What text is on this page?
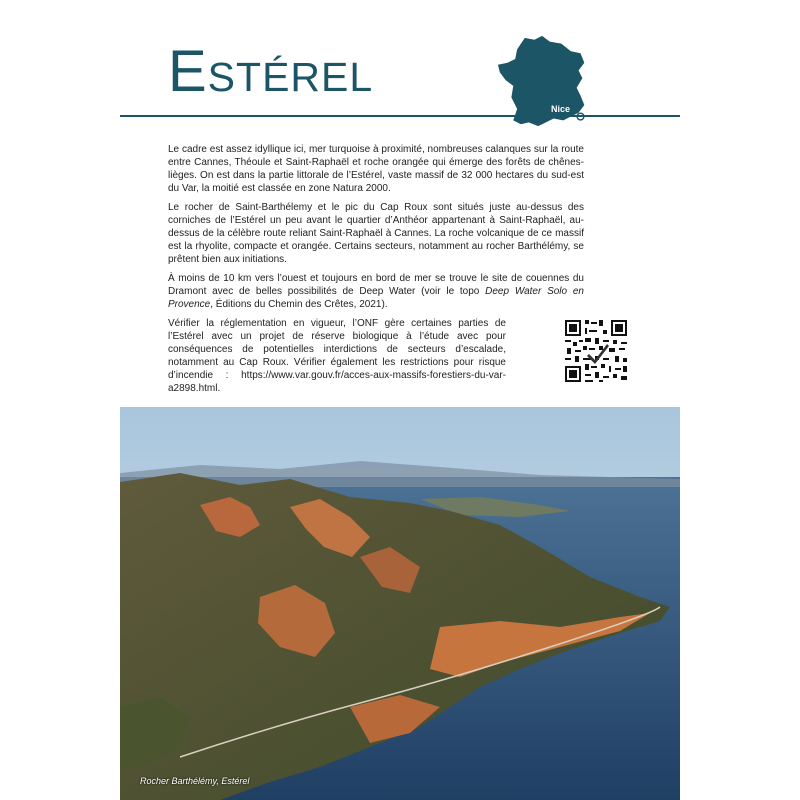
Estérel
Nice

Le cadre est assez idyllique ici, mer turquoise à proximité, nombreuses calanques sur la route entre Cannes, Théoule et Saint-Raphaël et roche orangée qui émerge des forêts de chênes-lièges. On est dans la partie littorale de l’Estérel, vaste massif de 32 000 hectares du sud-est du Var, la moitié est classée en zone Natura 2000.

Le rocher de Saint-Barthélemy et le pic du Cap Roux sont situés juste au-dessus des corniches de l’Estérel un peu avant le quartier d’Anthéor appartenant à Saint-Raphaël, au-dessus de la célèbre route reliant Saint-Raphaël à Cannes. La roche volcanique de ce massif est la rhyolite, compacte et orangée. Certains secteurs, notamment au rocher Barthélémy, se prêtent bien aux initiations.

À moins de 10 km vers l’ouest et toujours en bord de mer se trouve le site de couennes du Dramont avec de belles possibilités de Deep Water (voir le topo Deep Water Solo en Provence, Éditions du Chemin des Crêtes, 2021).

Vérifier la réglementation en vigueur, l’ONF gère certaines parties de l’Estérel avec un projet de réserve biologique à l’étude avec pour conséquences de potentielles interdictions de secteurs d’escalade, notamment au Cap Roux. Vérifier également les restrictions pour risque d’incendie : https://www.var.gouv.fr/acces-aux-massifs-forestiers-du-var-a2898.html.

Rocher Barthélémy, Estérel
